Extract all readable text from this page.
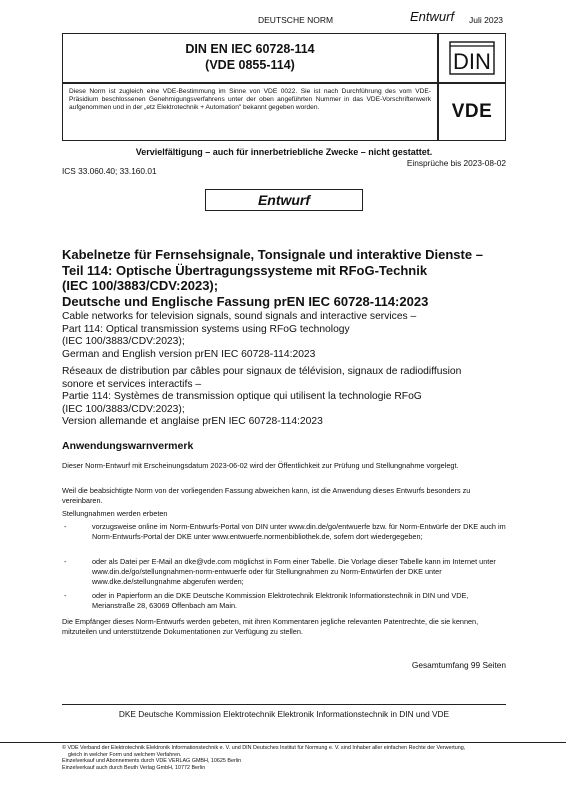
DEUTSCHE NORM	Entwurf Juli 2023
DIN EN IEC 60728-114
(VDE 0855-114)	DIN
Diese Norm ist zugleich eine VDE-Bestimmung im Sinne von VDE 0022. Sie ist nach Durchführung des vom VDE-Präsidium beschlossenen Genehmigungsverfahrens unter der oben angeführten Nummer in das VDE-Vorschriftenwerk aufgenommen und in der „etz Elektrotechnik + Automation" bekannt gegeben worden.	VDE
Vervielfältigung – auch für innerbetriebliche Zwecke – nicht gestattet.
Einsprüche bis 2023-08-02
ICS 33.060.40; 33.160.01
Entwurf
Kabelnetze für Fernsehsignale, Tonsignale und interaktive Dienste –
Teil 114: Optische Übertragungssysteme mit RFoG-Technik
(IEC 100/3883/CDV:2023);
Deutsche und Englische Fassung prEN IEC 60728-114:2023
Cable networks for television signals, sound signals and interactive services –
Part 114: Optical transmission systems using RFoG technology
(IEC 100/3883/CDV:2023);
German and English version prEN IEC 60728-114:2023
Réseaux de distribution par câbles pour signaux de télévision, signaux de radiodiffusion
sonore et services interactifs –
Partie 114: Systèmes de transmission optique qui utilisent la technologie RFoG
(IEC 100/3883/CDV:2023);
Version allemande et anglaise prEN IEC 60728-114:2023
Anwendungswarnvermerk
Dieser Norm-Entwurf mit Erscheinungsdatum 2023-06-02 wird der Öffentlichkeit zur Prüfung und Stellungnahme vorgelegt.
Weil die beabsichtigte Norm von der vorliegenden Fassung abweichen kann, ist die Anwendung dieses Entwurfs besonders zu vereinbaren.
Stellungnahmen werden erbeten
-	vorzugsweise online im Norm-Entwurfs-Portal von DIN unter www.din.de/go/entwuerfe bzw. für Norm-Entwürfe der DKE auch im Norm-Entwurfs-Portal der DKE unter www.entwuerfe.normenbibliothek.de, sofern dort wiedergegeben;
-	oder als Datei per E-Mail an dke@vde.com möglichst in Form einer Tabelle. Die Vorlage dieser Tabelle kann im Internet unter www.din.de/go/stellungnahmen-norm-entwuerfe oder für Stellungnahmen zu Norm-Entwürfen der DKE unter www.dke.de/stellungnahme abgerufen werden;
-	oder in Papierform an die DKE Deutsche Kommission Elektrotechnik Elektronik Informationstechnik in DIN und VDE, Merianstraße 28, 63069 Offenbach am Main.
Die Empfänger dieses Norm-Entwurfs werden gebeten, mit ihren Kommentaren jegliche relevanten Patentrechte, die sie kennen, mitzuteilen und unterstützende Dokumentationen zur Verfügung zu stellen.
Gesamtumfang 99 Seiten
DKE Deutsche Kommission Elektrotechnik Elektronik Informationstechnik in DIN und VDE
© VDE Verband der Elektrotechnik Elektronik Informationstechnik e. V. und DIN Deutsches Institut für Normung e. V. sind Inhaber aller einfachen Rechte der Verwertung,
gleich in welcher Form und welchem Verfahren.
Einzelverkauf und Abonnements durch VDE VERLAG GMBH, 10625 Berlin
Einzelverkauf auch durch Beuth Verlag GmbH, 10772 Berlin
